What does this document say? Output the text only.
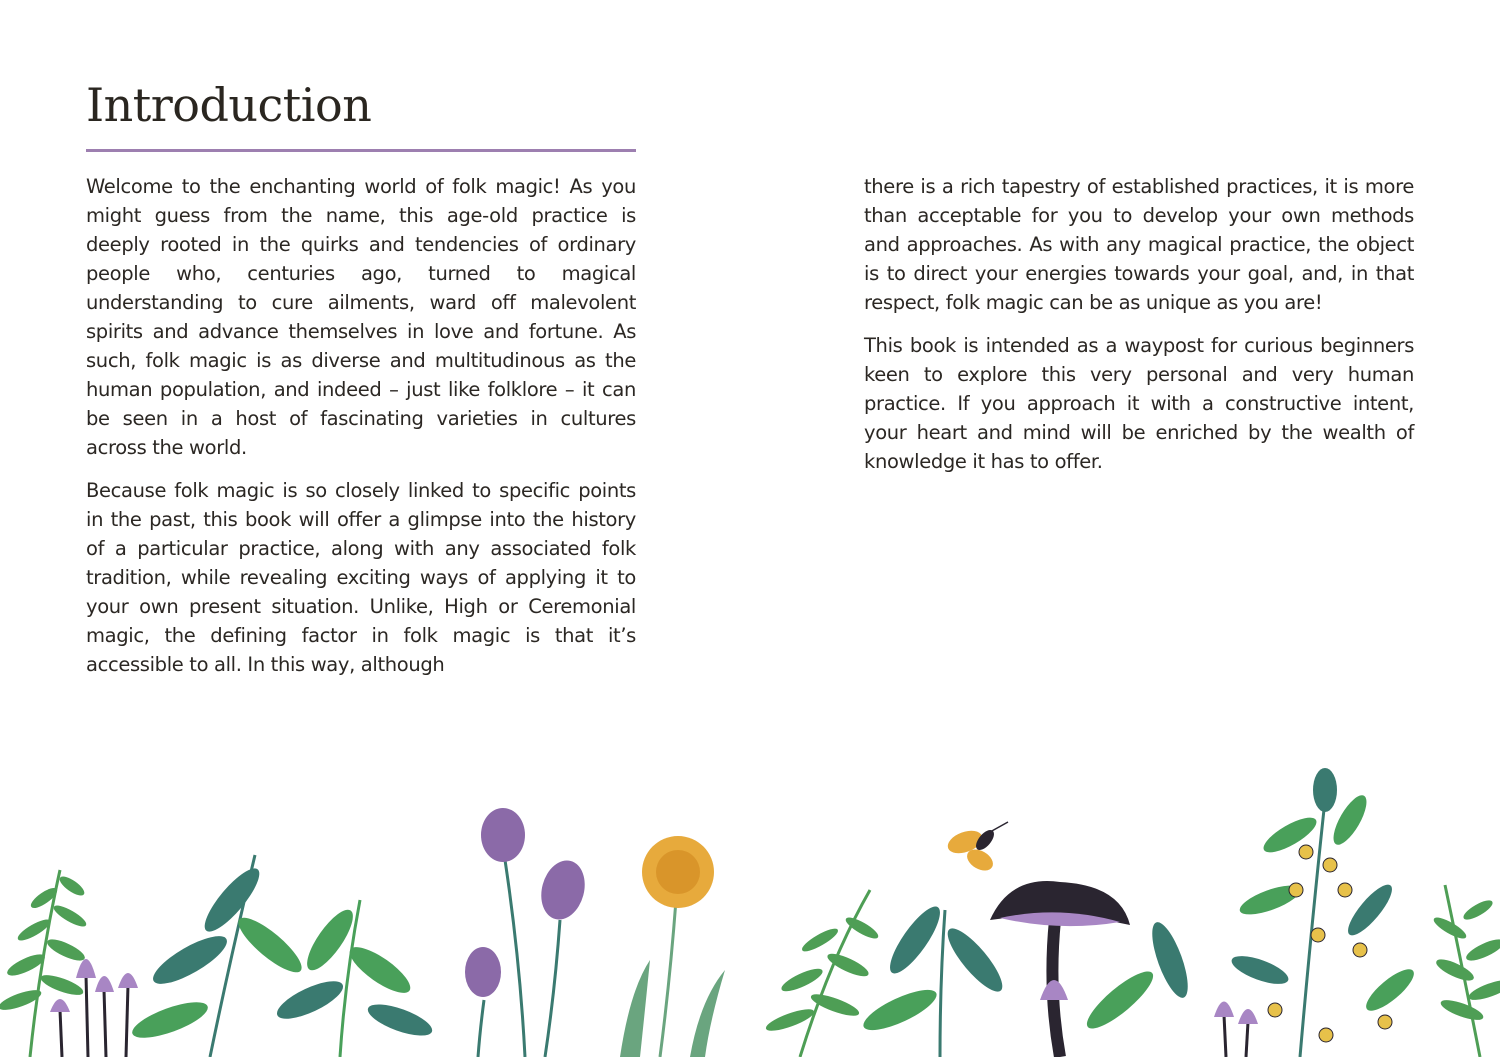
Introduction

Welcome to the enchanting world of folk magic! As you might guess from the name, this age-old practice is deeply rooted in the quirks and tendencies of ordinary people who, centuries ago, turned to magical understanding to cure ailments, ward off malevolent spirits and advance themselves in love and fortune. As such, folk magic is as diverse and multitudinous as the human population, and indeed – just like folklore – it can be seen in a host of fascinating varieties in cultures across the world.

Because folk magic is so closely linked to specific points in the past, this book will offer a glimpse into the history of a particular practice, along with any associated folk tradition, while revealing exciting ways of applying it to your own present situation. Unlike, High or Ceremonial magic, the defining factor in folk magic is that it’s accessible to all. In this way, although

there is a rich tapestry of established practices, it is more than acceptable for you to develop your own methods and approaches. As with any magical practice, the object is to direct your energies towards your goal, and, in that respect, folk magic can be as unique as you are!

This book is intended as a waypost for curious beginners keen to explore this very personal and very human practice. If you approach it with a constructive intent, your heart and mind will be enriched by the wealth of knowledge it has to offer.
